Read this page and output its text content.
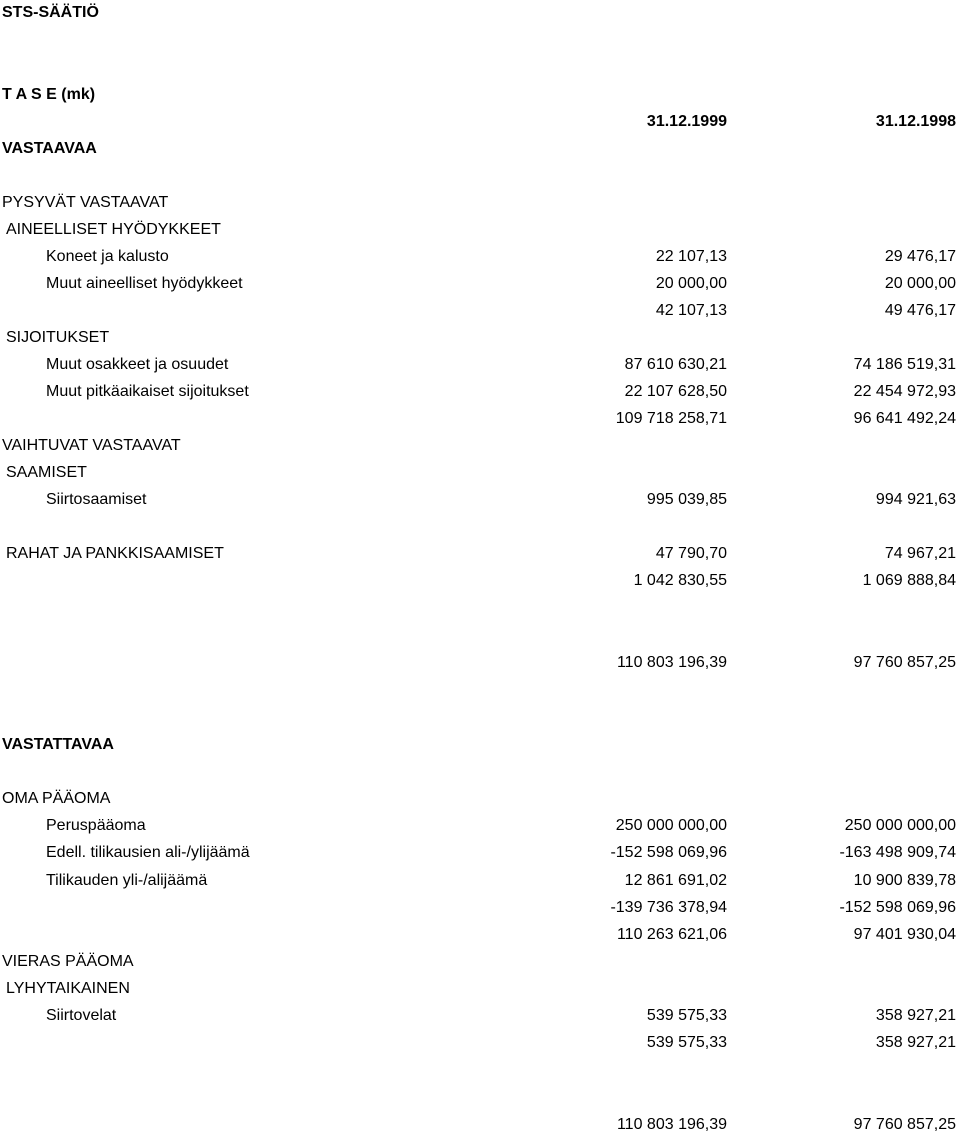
STS-SÄÄTIÖ
T A S E (mk)
31.12.1999	31.12.1998
VASTAAVAA
PYSYVÄT VASTAAVAT
AINEELLISET HYÖDYKKEET
Koneet ja kalusto	22 107,13	29 476,17
Muut aineelliset hyödykkeet	20 000,00	20 000,00
42 107,13	49 476,17
SIJOITUKSET
Muut osakkeet ja osuudet	87 610 630,21	74 186 519,31
Muut pitkäaikaiset sijoitukset	22 107 628,50	22 454 972,93
109 718 258,71	96 641 492,24
VAIHTUVAT VASTAAVAT
SAAMISET
Siirtosaamiset	995 039,85	994 921,63
RAHAT JA PANKKISAAMISET	47 790,70	74 967,21
1 042 830,55	1 069 888,84
110 803 196,39	97 760 857,25
VASTATTAVAA
OMA PÄÄOMA
Peruspääoma	250 000 000,00	250 000 000,00
Edell. tilikausien ali-/ylijäämä	-152 598 069,96	-163 498 909,74
Tilikauden yli-/alijäämä	12 861 691,02	10 900 839,78
-139 736 378,94	-152 598 069,96
110 263 621,06	97 401 930,04
VIERAS PÄÄOMA
LYHYTAIKAINEN
Siirtovelat	539 575,33	358 927,21
539 575,33	358 927,21
110 803 196,39	97 760 857,25
